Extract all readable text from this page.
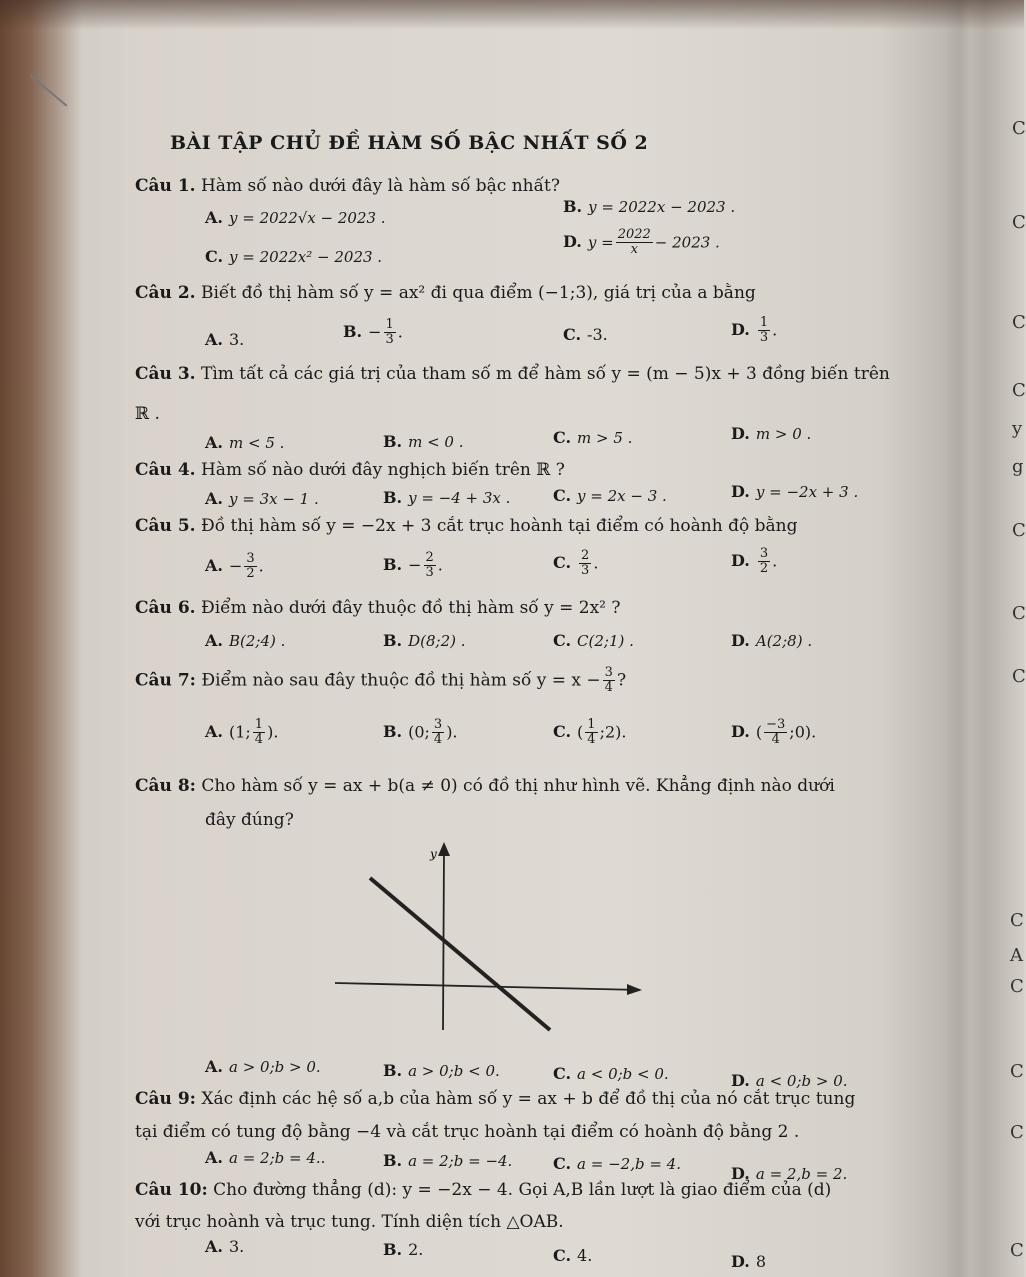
BÀI TẬP CHỦ ĐỀ HÀM SỐ BẬC NHẤT SỐ 2
Câu 1. Hàm số nào dưới đây là hàm số bậc nhất?
A. y = 2022√x − 2023 .
B. y = 2022x − 2023 .
C. y = 2022x² − 2023 .
D. $y = \frac{2022}{x} - 2023$ .
Câu 2. Biết đồ thị hàm số y = ax² đi qua điểm (−1;3), giá trị của a bằng
A. 3.	B. − $\frac{1}{3}$ .	C. -3.	D. $\frac{1}{3}$ .
Câu 3. Tìm tất cả các giá trị của tham số m để hàm số y = (m − 5)x + 3 đồng biến trên
ℝ .
A. m < 5 .	B. m < 0 .	C. m > 5 .	D. m > 0 .
Câu 4. Hàm số nào dưới đây nghịch biến trên ℝ ?
A. y = 3x − 1 .	B. y = −4 + 3x .	C. y = 2x − 3 .	D. y = −2x + 3 .
Câu 5. Đồ thị hàm số y = −2x + 3 cắt trục hoành tại điểm có hoành độ bằng
A. − $\frac{3}{2}$ .	B. − $\frac{2}{3}$ .	C. $\frac{2}{3}$ .	D. $\frac{3}{2}$ .
Câu 6. Điểm nào dưới đây thuộc đồ thị hàm số y = 2x² ?
A. B(2;4) .	B. D(8;2) .	C. C(2;1) .	D. A(2;8) .
Câu 7: Điểm nào sau đây thuộc đồ thị hàm số $y = x - \frac{3}{4}$ ?
A. (1; $\frac{1}{4}$ ).	B. (0; $\frac{3}{4}$ ).	C. ( $\frac{1}{4}$ ;2).	D. ( $\frac{-3}{4}$ ;0).
Câu 8: Cho hàm số y = ax + b(a ≠ 0) có đồ thị như hình vẽ. Khẳng định nào dưới
đây đúng?
y
A. a > 0;b > 0.	B. a > 0;b < 0.	C. a < 0;b < 0.	D. a < 0;b > 0.
Câu 9: Xác định các hệ số a,b của hàm số y = ax + b để đồ thị của nó cắt trục tung
tại điểm có tung độ bằng −4 và cắt trục hoành tại điểm có hoành độ bằng 2 .
A. a = 2;b = 4..	B. a = 2;b = −4.	C. a = −2,b = 4.	D. a = 2,b = 2.
Câu 10: Cho đường thẳng (d): y = −2x − 4. Gọi A,B lần lượt là giao điểm của (d)
với trục hoành và trục tung. Tính diện tích △OAB.
A. 3.	B. 2.	C. 4.	D. 8
C
C
C
C
y
g
C
C
C
C
A
C
C
C
C
